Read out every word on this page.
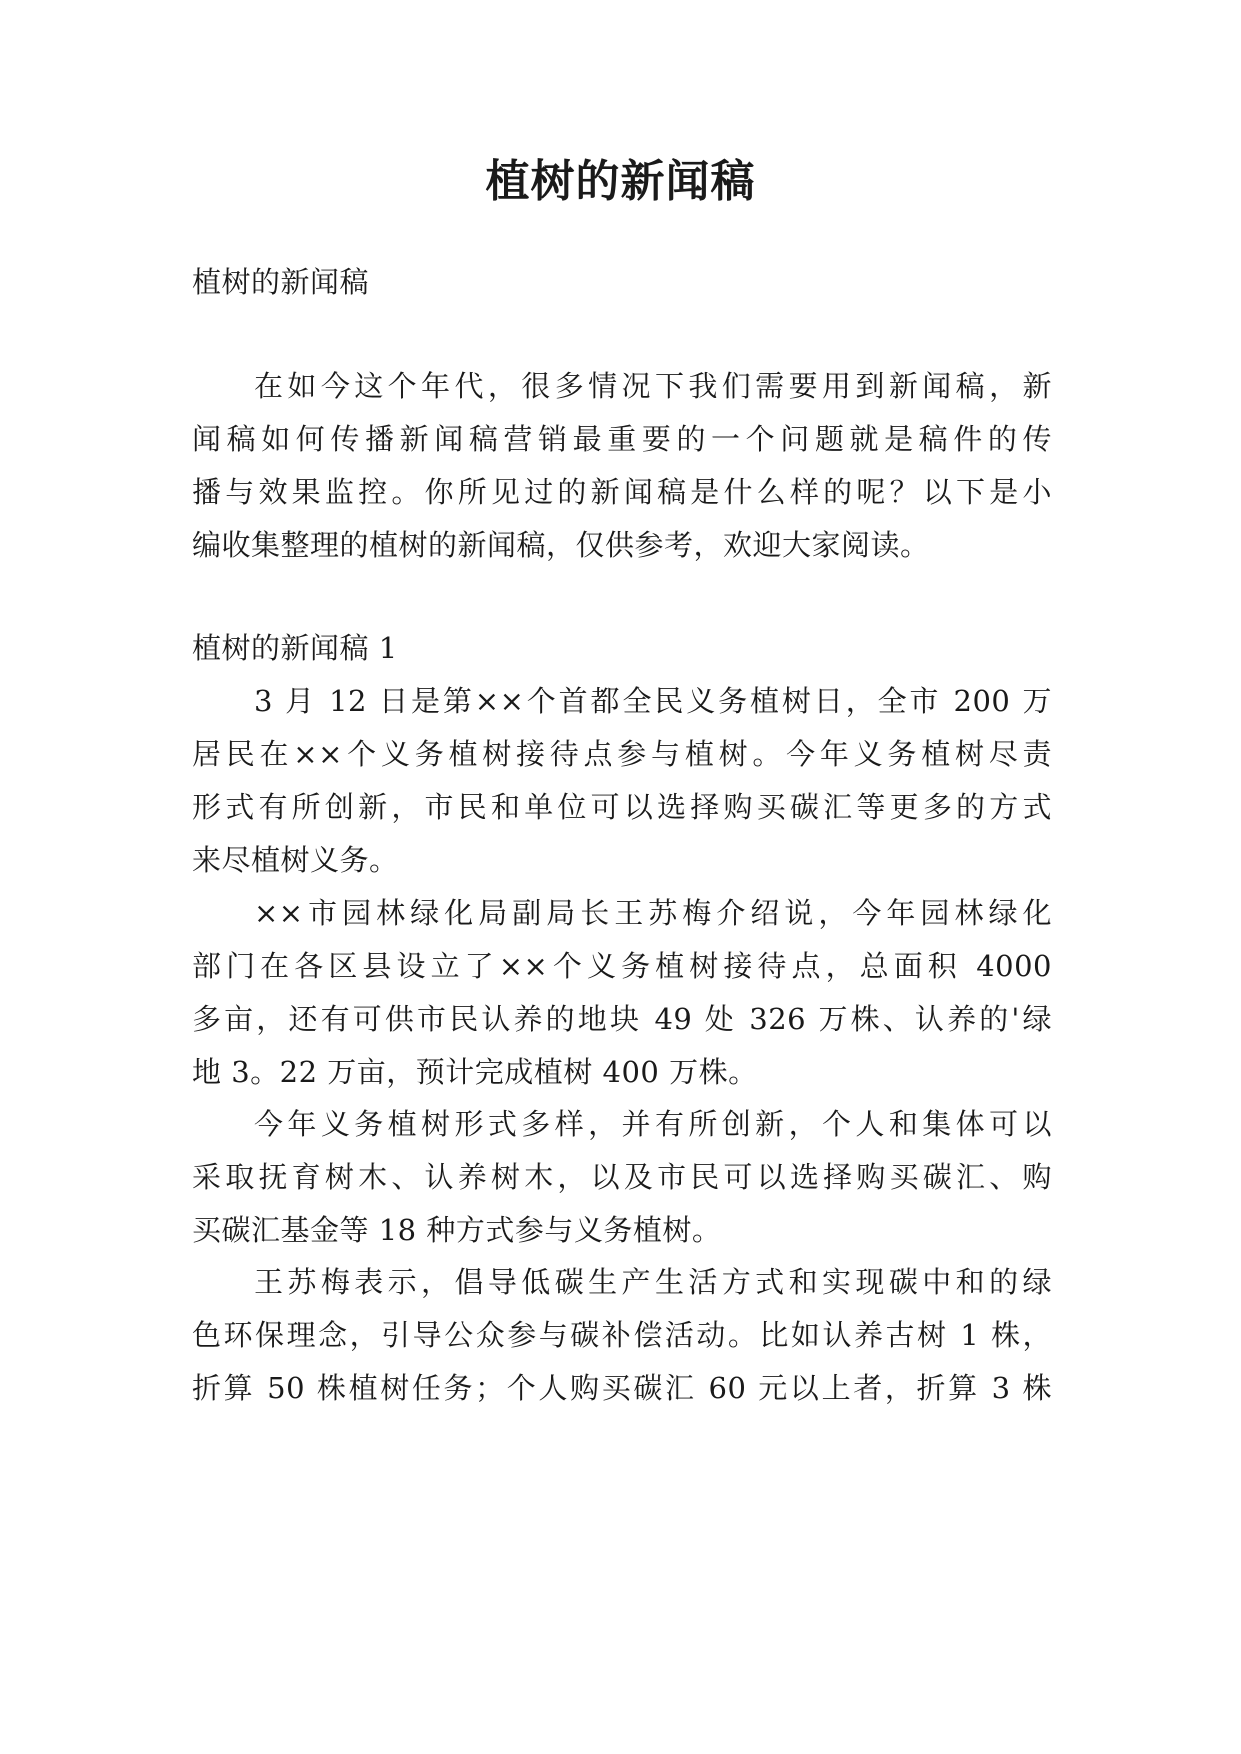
植树的新闻稿
植树的新闻稿
在如今这个年代，很多情况下我们需要用到新闻稿，新
闻稿如何传播新闻稿营销最重要的一个问题就是稿件的传
播与效果监控。你所见过的新闻稿是什么样的呢？以下是小
编收集整理的植树的新闻稿，仅供参考，欢迎大家阅读。
植树的新闻稿 1
3 月 12 日是第××个首都全民义务植树日，全市 200 万
居民在××个义务植树接待点参与植树。今年义务植树尽责
形式有所创新，市民和单位可以选择购买碳汇等更多的方式
来尽植树义务。
××市园林绿化局副局长王苏梅介绍说，今年园林绿化
部门在各区县设立了××个义务植树接待点，总面积 4000
多亩，还有可供市民认养的地块 49 处 326 万株、认养的'绿
地 3。22 万亩，预计完成植树 400 万株。
今年义务植树形式多样，并有所创新，个人和集体可以
采取抚育树木、认养树木，以及市民可以选择购买碳汇、购
买碳汇基金等 18 种方式参与义务植树。
王苏梅表示，倡导低碳生产生活方式和实现碳中和的绿
色环保理念，引导公众参与碳补偿活动。比如认养古树 1 株，
折算 50 株植树任务；个人购买碳汇 60 元以上者，折算 3 株
